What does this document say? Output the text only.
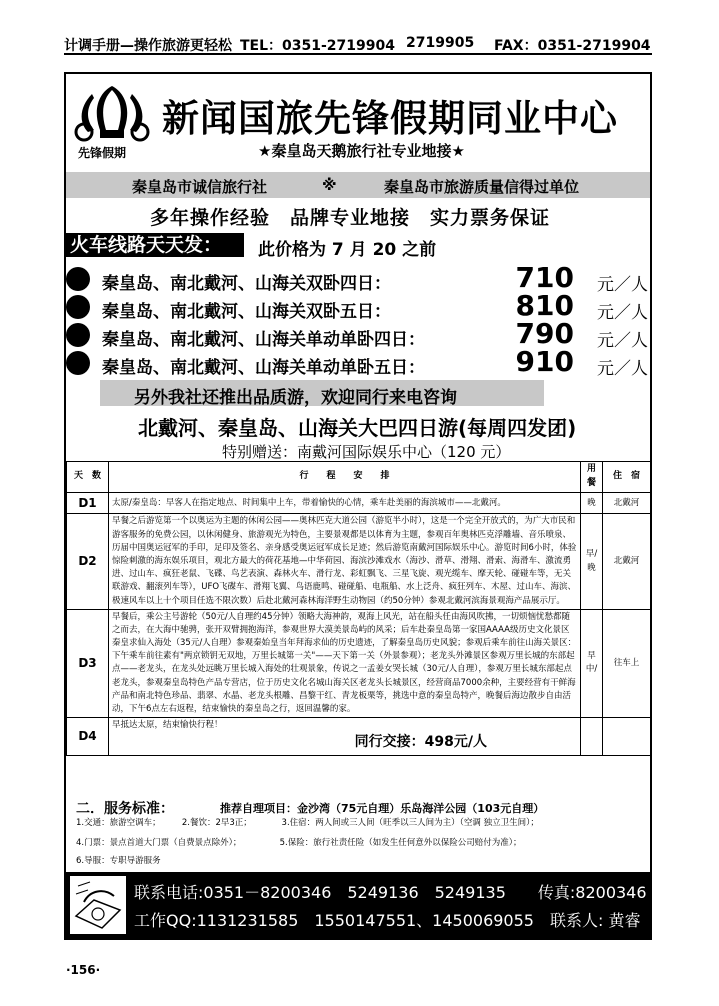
计调手册—操作旅游更轻松 TEL：0351-2719904 2719905 FAX：0351-2719904
先锋假期
新闻国旅先锋假期同业中心
★秦皇岛天鹅旅行社专业地接★
秦皇岛市诚信旅行社	※	秦皇岛市旅游质量信得过单位
多年操作经验　品牌专业地接　实力票务保证
火车线路天天发：	此价格为 7 月 20 之前
秦皇岛、南北戴河、山海关双卧四日：	710 元／人
秦皇岛、南北戴河、山海关双卧五日：	810 元／人
秦皇岛、南北戴河、山海关单动单卧四日：	790 元／人
秦皇岛、南北戴河、山海关单动单卧五日：	910 元／人
另外我社还推出品质游，欢迎同行来电咨询
北戴河、秦皇岛、山海关大巴四日游(每周四发团)
特别赠送：南戴河国际娱乐中心（120 元）
天　数	行　　程　　安　　排	用餐	住　宿
D1	太原/秦皇岛：早客人在指定地点、时间集中上车，带着愉快的心情，乘车赴美丽的海滨城市——北戴河。	晚	北戴河
D2	早餐之后游览第一个以奥运为主题的休闲公园——奥林匹克大道公园（游览半小时），这是一个完全开放式的，为广大市民和游客服务的免费公园，以休闲健身、旅游观光为特色，主要景观都是以体育为主题，参观百年奥林匹克浮雕墙、音乐喷泉、历届中国奥运冠军的手印，足印及签名、亲身感受奥运冠军成长足迹；然后游览南戴河国际娱乐中心。游览时间6小时，体验惊险刺激的海东娱乐项目，观北方最大的荷花基地—中华荷园、海滨沙滩戏水（海沙、滑草、滑翔、滑索、海滑车、激流勇进、过山车、疯狂老鼠、飞碟、鸟艺表演、森林火车、滑行龙、彩虹飘飞、三星飞旋、观光缆车、摩天轮、碰碰车等，无关联游戏、翻滚列车等），UFO飞碟车、滑翔飞翼、鸟语鹿鸣、碰碰船、电瓶船、水上泛舟、疯狂列车、木屋、过山车、海滨、极速风车以上十个项目任选不限次数）后赴北戴河森林海洋野生动物园（约50分钟）参观北戴河滨海景观海产品展示厅。	早/晚	北戴河
D3	早餐后，乘公主号游轮（50元/人自理约45分钟）领略大海神韵，观海上风光，站在船头任由海风吹拂，一切烦恼忧愁都随之而去，在大海中驰骋，张开双臂拥抱海洋，参观世界大漠美景岛屿的风采；后车赴秦皇岛第一家国AAAA级历史文化景区秦皇求仙入海处（35元/人自理）参观秦始皇当年拜海求仙的历史遗迹，了解秦皇岛历史风貌；参观后乘车前往山海关景区：下午乘车前往素有"两京锁钥无双地，万里长城第一关"——天下第一关（外景参观）；老龙头外滩景区参观万里长城的东部起点——老龙头，在龙头处远眺万里长城入海处的壮观景象，传说之一孟姜女哭长城（30元/人自理），参观万里长城东部起点老龙头，参观秦皇岛特色产品专营店，位于历史文化名城山海关区老龙头长城景区，经营商品7000余种，主要经营有干鲜海产品和南北特色珍品、翡翠、水晶、老龙头根雕、昌黎干红、青龙板栗等，挑选中意的秦皇岛特产，晚餐后海边散步自由活动，下午6点左右返程，结束愉快的秦皇岛之行，返回温馨的家。	早中/	往车上
D4	早抵达太原，结束愉快行程！
同行交接：498元/人		

二．服务标准：	推荐自理项目：金沙湾（75元自理）乐岛海洋公园（103元自理）
1.交通：旅游空调车；　　　2.餐饮：2早3正；　　　　3.住宿：两人间或三人间（旺季以三人间为主）（空调 独立卫生间）；
4.门票：景点首道大门票（自费景点除外）；　　　　　5.保险：旅行社责任险（如发生任何意外以保险公司赔付为准）；
6.导服：专职导游服务
联系电话:0351－8200346　5249136　5249135　　传真:8200346
工作QQ:1131231585　1550147551、1450069055　联系人: 黄睿　巩小丽
·156·
